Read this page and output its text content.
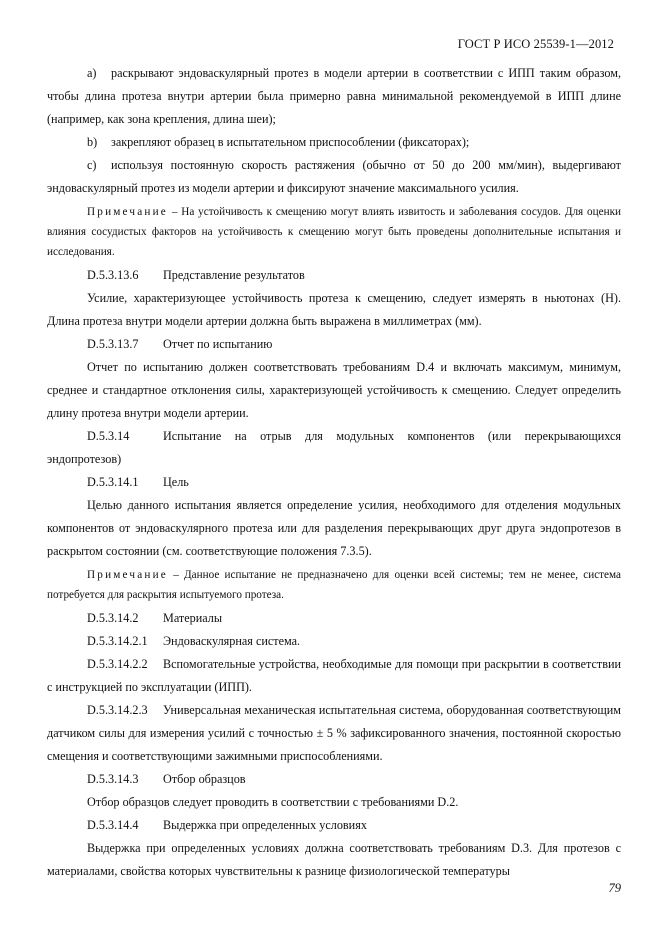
ГОСТ Р ИСО 25539-1—2012

a) раскрывают эндоваскулярный протез в модели артерии в соответствии с ИПП таким образом, чтобы длина протеза внутри артерии была примерно равна минимальной рекомендуемой в ИПП длине (например, как зона крепления, длина шеи);

b) закрепляют образец в испытательном приспособлении (фиксаторах);

c) используя постоянную скорость растяжения (обычно от 50 до 200 мм/мин), выдергивают эндоваскулярный протез из модели артерии и фиксируют значение максимального усилия.

Примечание – На устойчивость к смещению могут влиять извитость и заболевания сосудов. Для оценки влияния сосудистых факторов на устойчивость к смещению могут быть проведены дополнительные испытания и исследования.

D.5.3.13.6 Представление результатов

Усилие, характеризующее устойчивость протеза к смещению, следует измерять в ньютонах (Н). Длина протеза внутри модели артерии должна быть выражена в миллиметрах (мм).

D.5.3.13.7 Отчет по испытанию

Отчет по испытанию должен соответствовать требованиям D.4 и включать максимум, минимум, среднее и стандартное отклонения силы, характеризующей устойчивость к смещению. Следует определить длину протеза внутри модели артерии.

D.5.3.14	Испытание на отрыв для модульных компонентов (или перекрывающихся эндопротезов)

D.5.3.14.1 Цель

Целью данного испытания является определение усилия, необходимого для отделения модульных компонентов от эндоваскулярного протеза или для разделения перекрывающих друг друга эндопротезов в раскрытом состоянии (см. соответствующие положения 7.3.5).

Примечание – Данное испытание не предназначено для оценки всей системы; тем не менее, система потребуется для раскрытия испытуемого протеза.

D.5.3.14.2 Материалы

D.5.3.14.2.1 Эндоваскулярная система.

D.5.3.14.2.2 Вспомогательные устройства, необходимые для помощи при раскрытии в соответствии с инструкцией по эксплуатации (ИПП).

D.5.3.14.2.3 Универсальная механическая испытательная система, оборудованная соответствующим датчиком силы для измерения усилий с точностью ± 5 % зафиксированного значения, постоянной скоростью смещения и соответствующими зажимными приспособлениями.

D.5.3.14.3 Отбор образцов

Отбор образцов следует проводить в соответствии с требованиями D.2.

D.5.3.14.4 Выдержка при определенных условиях

Выдержка при определенных условиях должна соответствовать требованиям D.3. Для протезов с материалами, свойства которых чувствительны к разнице физиологической температуры

79
